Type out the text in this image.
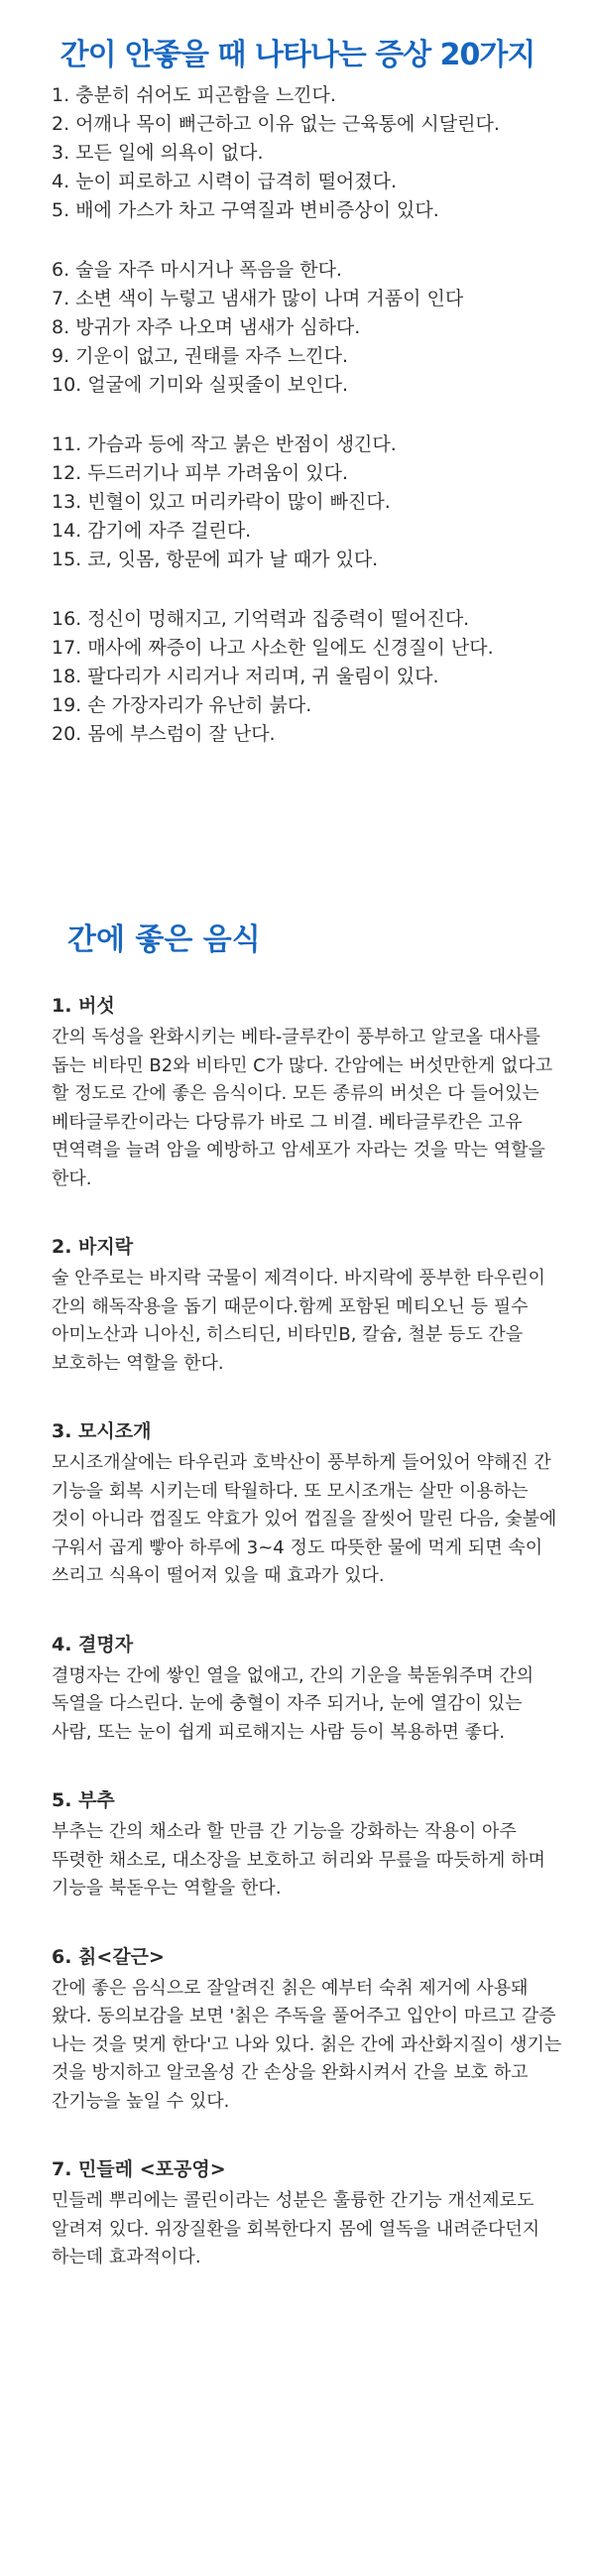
간이 안좋을 때 나타나는 증상 20가지
1. 충분히 쉬어도 피곤함을 느낀다.
2. 어깨나 목이 뻐근하고 이유 없는 근육통에 시달린다.
3. 모든 일에 의욕이 없다.
4. 눈이 피로하고 시력이 급격히 떨어졌다.
5. 배에 가스가 차고 구역질과 변비증상이 있다.
6. 술을 자주 마시거나 폭음을 한다.
7. 소변 색이 누렇고 냄새가 많이 나며 거품이 인다
8. 방귀가 자주 나오며 냄새가 심하다.
9. 기운이 없고, 권태를 자주 느낀다.
10. 얼굴에 기미와 실핏줄이 보인다.
11. 가슴과 등에 작고 붉은 반점이 생긴다.
12. 두드러기나 피부 가려움이 있다.
13. 빈혈이 있고 머리카락이 많이 빠진다.
14. 감기에 자주 걸린다.
15. 코, 잇몸, 항문에 피가 날 때가 있다.
16. 정신이 멍해지고, 기억력과 집중력이 떨어진다.
17. 매사에 짜증이 나고 사소한 일에도 신경질이 난다.
18. 팔다리가 시리거나 저리며, 귀 울림이 있다.
19. 손 가장자리가 유난히 붉다.
20. 몸에 부스럼이 잘 난다.
간에 좋은 음식
1. 버섯

간의 독성을 완화시키는 베타-글루칸이 풍부하고 알코올 대사를 돕는 비타민 B2와 비타민 C가 많다. 간암에는 버섯만한게 없다고 할 정도로 간에 좋은 음식이다. 모든 종류의 버섯은 다 들어있는 베타글루칸이라는 다당류가 바로 그 비결. 베타글루칸은 고유 면역력을 늘려 암을 예방하고 암세포가 자라는 것을 막는 역할을 한다.

2. 바지락

술 안주로는 바지락 국물이 제격이다. 바지락에 풍부한 타우린이 간의 해독작용을 돕기 때문이다.함께 포함된 메티오닌 등 필수 아미노산과 니아신, 히스티딘, 비타민B, 칼슘, 철분 등도 간을 보호하는 역할을 한다.

3. 모시조개

모시조개살에는 타우린과 호박산이 풍부하게 들어있어 약해진 간 기능을 회복 시키는데 탁월하다. 또 모시조개는 살만 이용하는 것이 아니라 껍질도 약효가 있어 껍질을 잘씻어 말린 다음, 숯불에 구워서 곱게 빻아 하루에 3~4 정도 따뜻한 물에 먹게 되면 속이 쓰리고 식욕이 떨어져 있을 때 효과가 있다.

4. 결명자

결명자는 간에 쌓인 열을 없애고, 간의 기운을 북돋워주며 간의 독열을 다스린다. 눈에 충혈이 자주 되거나, 눈에 열감이 있는 사람, 또는 눈이 쉽게 피로해지는 사람 등이 복용하면 좋다.

5. 부추

부추는 간의 채소라 할 만큼 간 기능을 강화하는 작용이 아주 뚜렷한 채소로, 대소장을 보호하고 허리와 무릎을 따듯하게 하며 기능을 북돋우는 역할을 한다.

6. 칡<갈근>

간에 좋은 음식으로 잘알려진 칡은 예부터 숙취 제거에 사용돼 왔다. 동의보감을 보면 '칡은 주독을 풀어주고 입안이 마르고 갈증 나는 것을 멎게 한다'고 나와 있다. 칡은 간에 과산화지질이 생기는 것을 방지하고 알코올성 간 손상을 완화시켜서 간을 보호 하고 간기능을 높일 수 있다.

7. 민들레 <포공영>

민들레 뿌리에는 콜린이라는 성분은 훌륭한 간기능 개선제로도 알려져 있다. 위장질환을 회복한다지 몸에 열독을 내려준다던지 하는데 효과적이다.
